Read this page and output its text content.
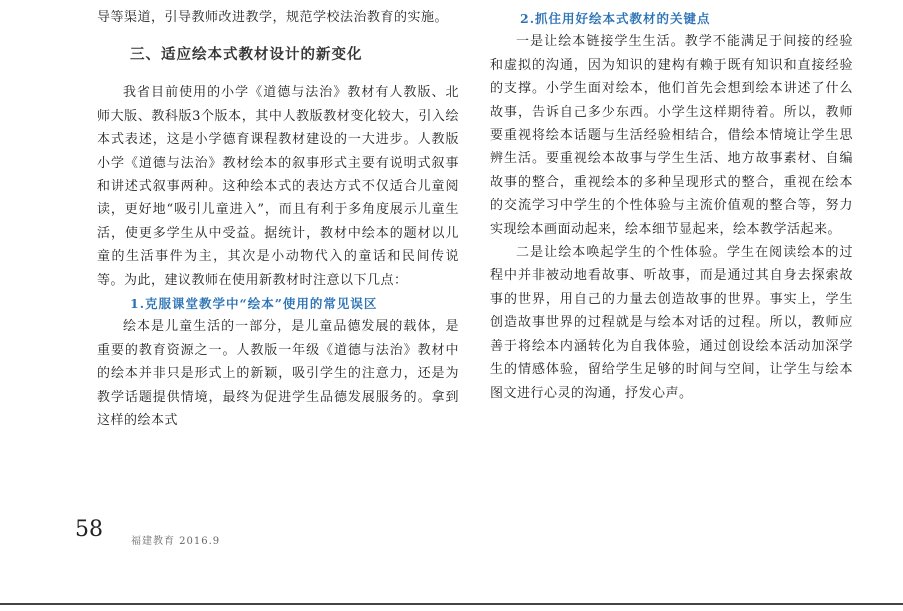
导等渠道，引导教师改进教学，规范学校法治教育的实施。

三、适应绘本式教材设计的新变化

我省目前使用的小学《道德与法治》教材有人教版、北师大版、教科版3个版本，其中人教版教材变化较大，引入绘本式表述，这是小学德育课程教材建设的一大进步。人教版小学《道德与法治》教材绘本的叙事形式主要有说明式叙事和讲述式叙事两种。这种绘本式的表达方式不仅适合儿童阅读，更好地“吸引儿童进入”，而且有利于多角度展示儿童生活，使更多学生从中受益。据统计，教材中绘本的题材以儿童的生活事件为主，其次是小动物代入的童话和民间传说等。为此，建议教师在使用新教材时注意以下几点：

1.克服课堂教学中“绘本”使用的常见误区

绘本是儿童生活的一部分，是儿童品德发展的载体，是重要的教育资源之一。人教版一年级《道德与法治》教材中的绘本并非只是形式上的新颖，吸引学生的注意力，还是为教学话题提供情境，最终为促进学生品德发展服务的。拿到这样的绘本式

2.抓住用好绘本式教材的关键点

一是让绘本链接学生生活。教学不能满足于间接的经验和虚拟的沟通，因为知识的建构有赖于既有知识和直接经验的支撑。小学生面对绘本，他们首先会想到绘本讲述了什么故事，告诉自己多少东西。小学生这样期待着。所以，教师要重视将绘本话题与生活经验相结合，借绘本情境让学生思辨生活。要重视绘本故事与学生生活、地方故事素材、自编故事的整合，重视绘本的多种呈现形式的整合，重视在绘本的交流学习中学生的个性体验与主流价值观的整合等，努力实现绘本画面动起来，绘本细节显起来，绘本教学活起来。

二是让绘本唤起学生的个性体验。学生在阅读绘本的过程中并非被动地看故事、听故事，而是通过其自身去探索故事的世界，用自己的力量去创造故事的世界。事实上，学生创造故事世界的过程就是与绘本对话的过程。所以，教师应善于将绘本内涵转化为自我体验，通过创设绘本活动加深学生的情感体验，留给学生足够的时间与空间，让学生与绘本图文进行心灵的沟通，抒发心声。

58	福建教育 2016.9
